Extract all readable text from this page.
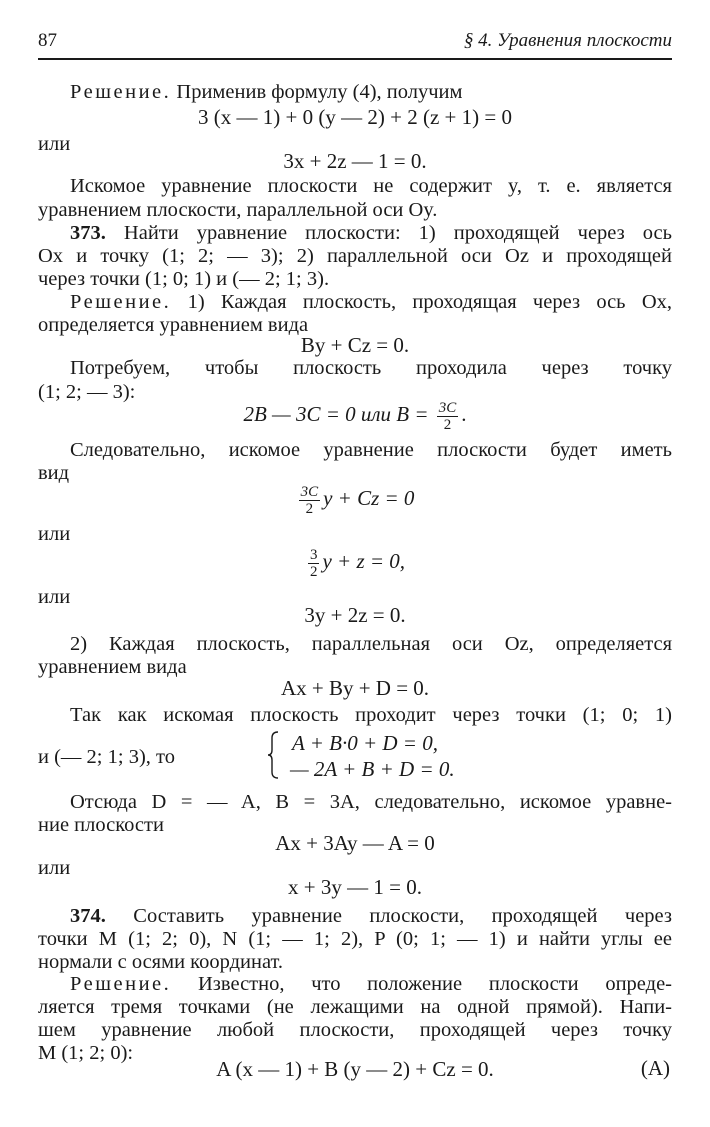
87	§ 4. Уравнения плоскости
Решение. Применив формулу (4), получим
3 (x — 1) + 0 (y — 2) + 2 (z + 1) = 0
или
3x + 2z — 1 = 0.
Искомое уравнение плоскости не содержит y, т. е. является
уравнением плоскости, параллельной оси Oy.
373. Найти уравнение плоскости: 1) проходящей через ось
Ox и точку (1; 2; — 3); 2) параллельной оси Oz и проходящей
через точки (1; 0; 1) и (— 2; 1; 3).
Решение. 1) Каждая плоскость, проходящая через ось Ox,
определяется уравнением вида
By + Cz = 0.
Потребуем, чтобы плоскость проходила через точку
(1; 2; — 3):
2B — 3C = 0 или $B = \frac{3C}{2}$ .
Следовательно, искомое уравнение плоскости будет иметь
вид
$\frac{3C}{2}$ y + Cz = 0
или
$\frac{3}{2}$ y + z = 0,
или
3y + 2z = 0.
2) Каждая плоскость, параллельная оси Oz, определяется
уравнением вида
Ax + By + D = 0.
Так как искомая плоскость проходит через точки (1; 0; 1)
и (— 2; 1; 3), то
A + B·0 + D = 0,
— 2A + B + D = 0.
Отсюда D = — A, B = 3A, следовательно, искомое уравне-
ние плоскости
Ax + 3Ay — A = 0
или
x + 3y — 1 = 0.
374. Составить уравнение плоскости, проходящей через
точки M (1; 2; 0), N (1; — 1; 2), P (0; 1; — 1) и найти углы ее
нормали с осями координат.
Решение. Известно, что положение плоскости опреде-
ляется тремя точками (не лежащими на одной прямой). Напи-
шем уравнение любой плоскости, проходящей через точку
M (1; 2; 0):
A (x — 1) + B (y — 2) + Cz = 0.	(A)
